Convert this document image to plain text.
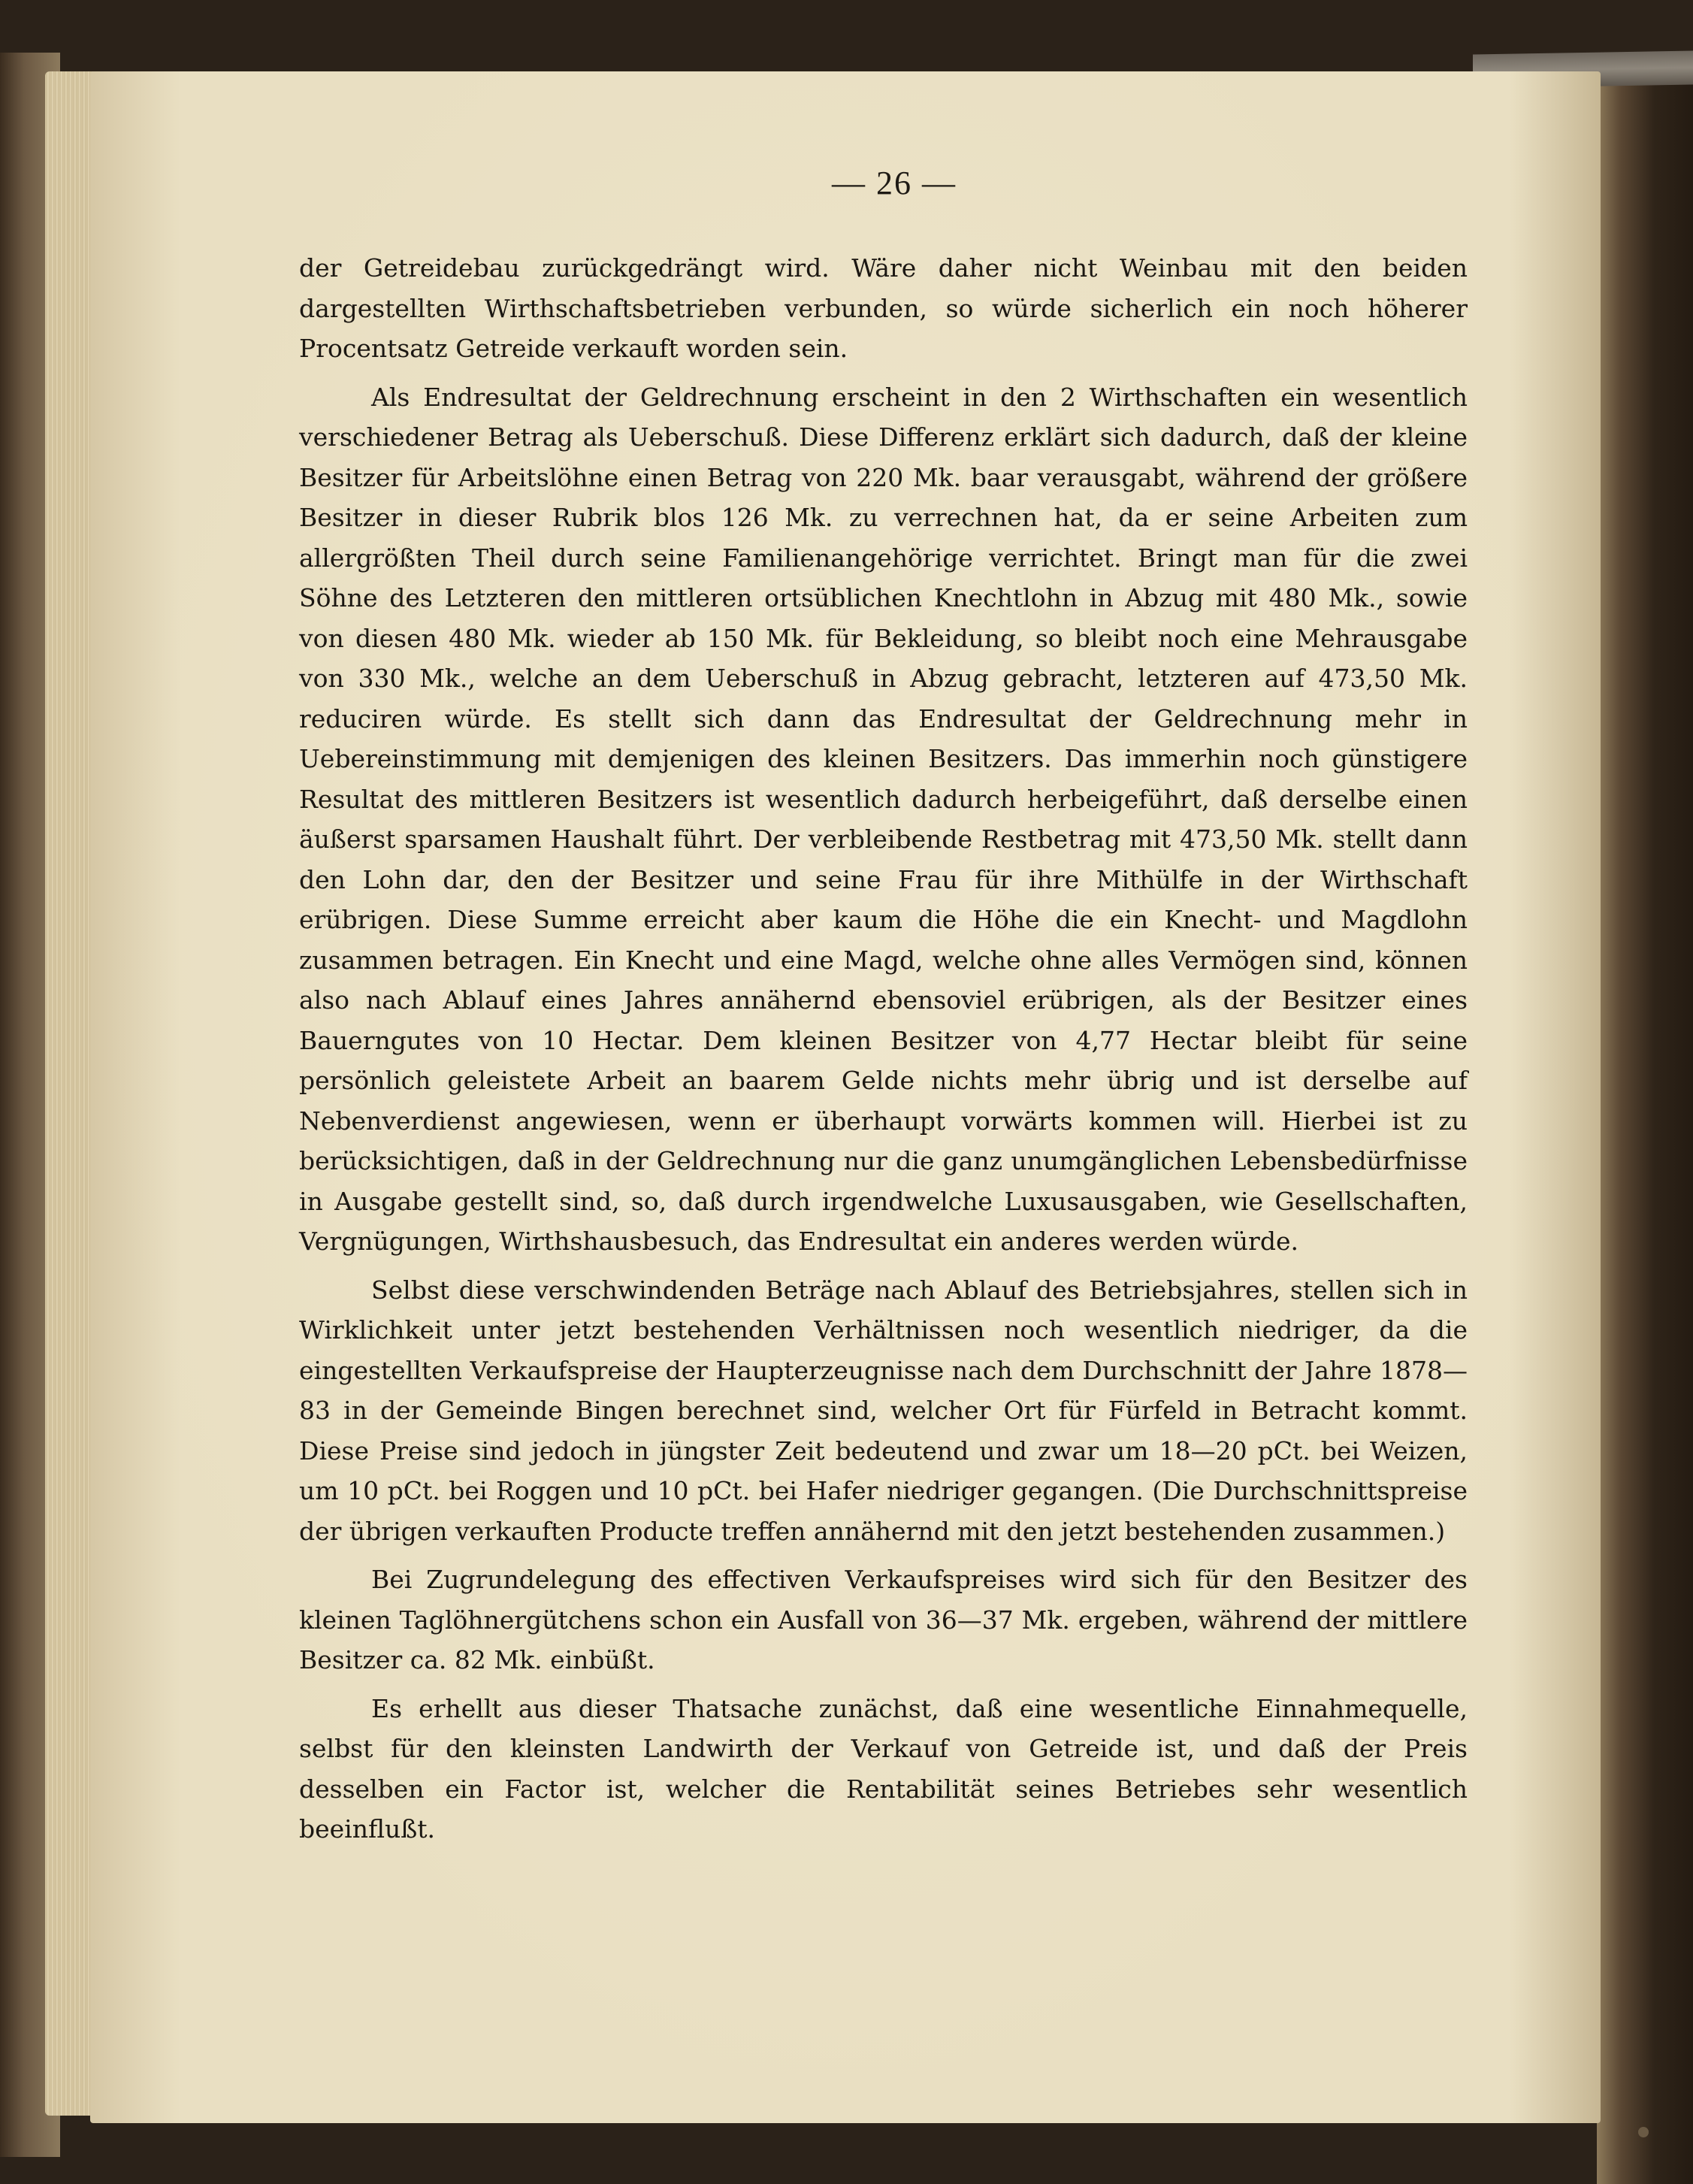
— 26 —

der Getreidebau zurückgedrängt wird. Wäre daher nicht Weinbau mit den beiden dargestellten Wirthschaftsbetrieben verbunden, so würde sicherlich ein noch höherer Procentsatz Getreide verkauft worden sein.

Als Endresultat der Geldrechnung erscheint in den 2 Wirthschaften ein wesentlich verschiedener Betrag als Ueberschuß. Diese Differenz erklärt sich dadurch, daß der kleine Besitzer für Arbeitslöhne einen Betrag von 220 Mk. baar verausgabt, während der größere Besitzer in dieser Rubrik blos 126 Mk. zu verrechnen hat, da er seine Arbeiten zum allergrößten Theil durch seine Familienangehörige verrichtet. Bringt man für die zwei Söhne des Letzteren den mittleren ortsüblichen Knechtlohn in Abzug mit 480 Mk., sowie von diesen 480 Mk. wieder ab 150 Mk. für Bekleidung, so bleibt noch eine Mehrausgabe von 330 Mk., welche an dem Ueberschuß in Abzug gebracht, letzteren auf 473,50 Mk. reduciren würde. Es stellt sich dann das Endresultat der Geldrechnung mehr in Uebereinstimmung mit demjenigen des kleinen Besitzers. Das immerhin noch günstigere Resultat des mittleren Besitzers ist wesentlich dadurch herbeigeführt, daß derselbe einen äußerst sparsamen Haushalt führt. Der verbleibende Restbetrag mit 473,50 Mk. stellt dann den Lohn dar, den der Besitzer und seine Frau für ihre Mithülfe in der Wirthschaft erübrigen. Diese Summe erreicht aber kaum die Höhe die ein Knecht- und Magdlohn zusammen betragen. Ein Knecht und eine Magd, welche ohne alles Vermögen sind, können also nach Ablauf eines Jahres annähernd ebensoviel erübrigen, als der Besitzer eines Bauerngutes von 10 Hectar. Dem kleinen Besitzer von 4,77 Hectar bleibt für seine persönlich geleistete Arbeit an baarem Gelde nichts mehr übrig und ist derselbe auf Nebenverdienst angewiesen, wenn er überhaupt vorwärts kommen will. Hierbei ist zu berücksichtigen, daß in der Geldrechnung nur die ganz unumgänglichen Lebensbedürfnisse in Ausgabe gestellt sind, so, daß durch irgendwelche Luxusausgaben, wie Gesellschaften, Vergnügungen, Wirthshausbesuch, das Endresultat ein anderes werden würde.

Selbst diese verschwindenden Beträge nach Ablauf des Betriebsjahres, stellen sich in Wirklichkeit unter jetzt bestehenden Verhältnissen noch wesentlich niedriger, da die eingestellten Verkaufspreise der Haupterzeugnisse nach dem Durchschnitt der Jahre 1878—83 in der Gemeinde Bingen berechnet sind, welcher Ort für Fürfeld in Betracht kommt. Diese Preise sind jedoch in jüngster Zeit bedeutend und zwar um 18—20 pCt. bei Weizen, um 10 pCt. bei Roggen und 10 pCt. bei Hafer niedriger gegangen. (Die Durchschnittspreise der übrigen verkauften Producte treffen annähernd mit den jetzt bestehenden zusammen.)

Bei Zugrundelegung des effectiven Verkaufspreises wird sich für den Besitzer des kleinen Taglöhnergütchens schon ein Ausfall von 36—37 Mk. ergeben, während der mittlere Besitzer ca. 82 Mk. einbüßt.

Es erhellt aus dieser Thatsache zunächst, daß eine wesentliche Einnahmequelle, selbst für den kleinsten Landwirth der Verkauf von Getreide ist, und daß der Preis desselben ein Factor ist, welcher die Rentabilität seines Betriebes sehr wesentlich beeinflußt.
